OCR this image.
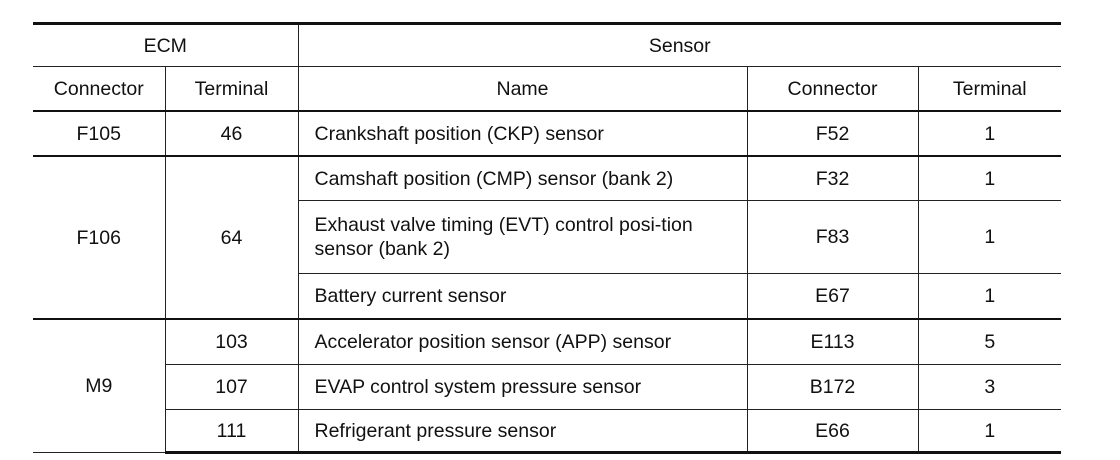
ECM		Sensor		
Connector	Terminal	Name	Connector	Terminal
F105	46	Crankshaft position (CKP) sensor	F52	1
F106	64	Camshaft position (CMP) sensor (bank 2)	F32	1
		Exhaust valve timing (EVT) control posi-tion sensor (bank 2)	F83	1
		Battery current sensor	E67	1
M9	103	Accelerator position sensor (APP) sensor	E113	5
	107	EVAP control system pressure sensor	B172	3
	111	Refrigerant pressure sensor	E66	1
